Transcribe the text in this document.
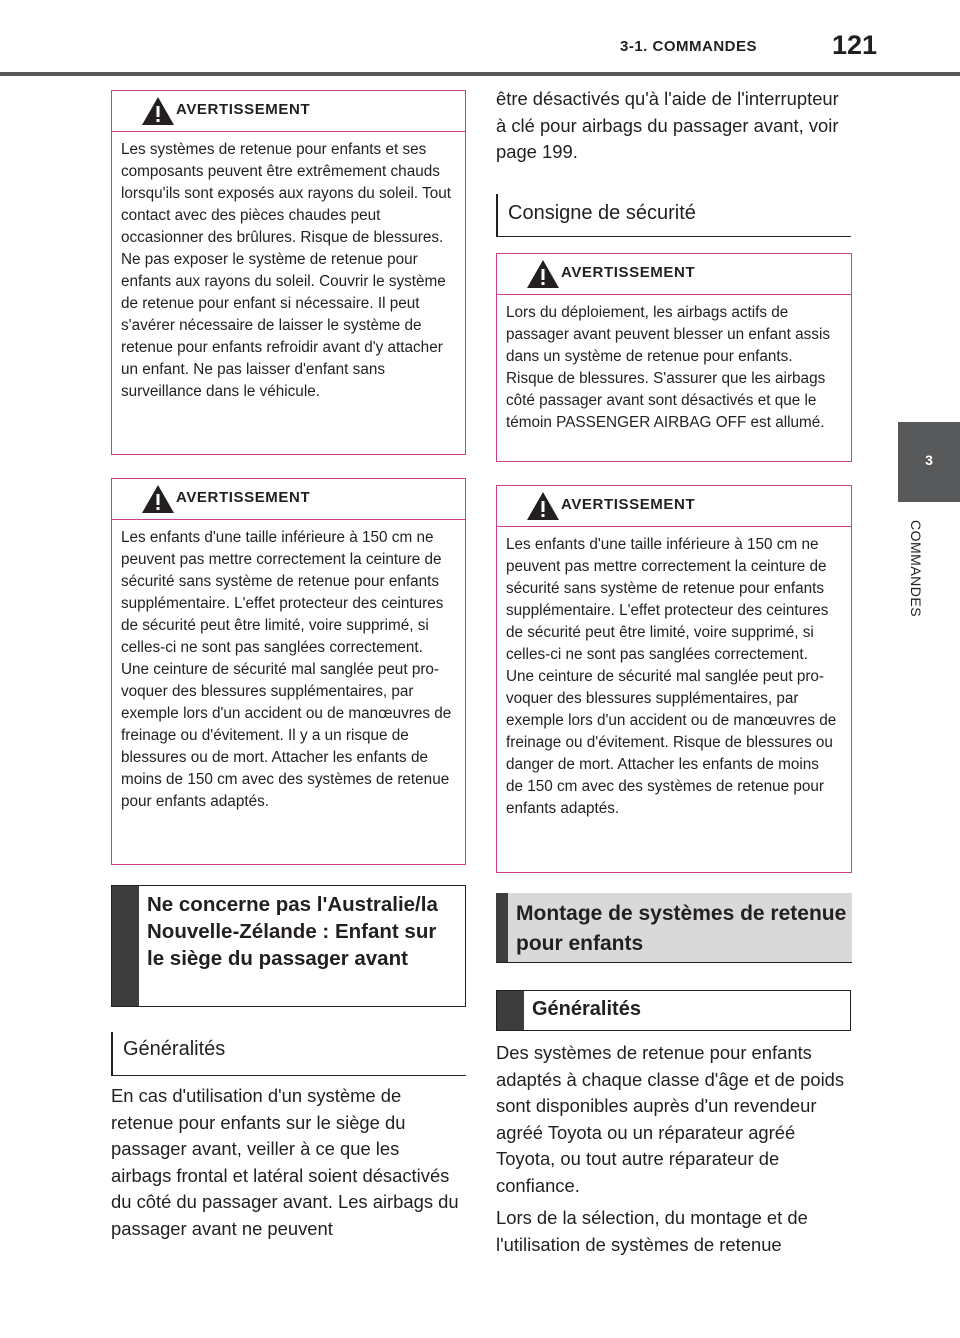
3-1. COMMANDES	121
3
COMMANDES
AVERTISSEMENT
Les systèmes de retenue pour enfants et ses composants peuvent être extrêmement chauds lorsqu'ils sont exposés aux rayons du soleil. Tout contact avec des pièces chaudes peut occasionner des brûlures. Risque de blessures. Ne pas exposer le système de retenue pour enfants aux rayons du soleil. Couvrir le système de retenue pour enfant si nécessaire. Il peut s'avérer nécessaire de laisser le système de retenue pour enfants refroidir avant d'y attacher un enfant. Ne pas laisser d'enfant sans surveillance dans le véhicule.
AVERTISSEMENT
Les enfants d'une taille inférieure à 150 cm ne peuvent pas mettre correctement la ceinture de sécurité sans système de retenue pour enfants supplémentaire. L'effet protecteur des ceintures de sécurité peut être limité, voire supprimé, si celles-ci ne sont pas sanglées correctement. Une ceinture de sécurité mal sanglée peut provoquer des blessures supplémentaires, par exemple lors d'un accident ou de manœuvres de freinage ou d'évitement. Il y a un risque de blessures ou de mort. Attacher les enfants de moins de 150 cm avec des systèmes de retenue pour enfants adaptés.
Ne concerne pas l'Australie/la Nouvelle-Zélande : Enfant sur le siège du passager avant
Généralités

En cas d'utilisation d'un système de retenue pour enfants sur le siège du passager avant, veiller à ce que les airbags frontal et latéral soient désactivés du côté du passager avant. Les airbags du passager avant ne peuvent

être désactivés qu'à l'aide de l'interrupteur à clé pour airbags du passager avant, voir page 199.

Consigne de sécurité
AVERTISSEMENT
Lors du déploiement, les airbags actifs de passager avant peuvent blesser un enfant assis dans un système de retenue pour enfants. Risque de blessures. S'assurer que les airbags côté passager avant sont désactivés et que le témoin PASSENGER AIRBAG OFF est allumé.
AVERTISSEMENT
Les enfants d'une taille inférieure à 150 cm ne peuvent pas mettre correctement la ceinture de sécurité sans système de retenue pour enfants supplémentaire. L'effet protecteur des ceintures de sécurité peut être limité, voire supprimé, si celles-ci ne sont pas sanglées correctement. Une ceinture de sécurité mal sanglée peut provoquer des blessures supplémentaires, par exemple lors d'un accident ou de manœuvres de freinage ou d'évitement. Risque de blessures ou danger de mort. Attacher les enfants de moins de 150 cm avec des systèmes de retenue pour enfants adaptés.
Montage de systèmes de retenue pour enfants
Généralités

Des systèmes de retenue pour enfants adaptés à chaque classe d'âge et de poids sont disponibles auprès d'un revendeur agréé Toyota ou un réparateur agréé Toyota, ou tout autre réparateur de confiance.

Lors de la sélection, du montage et de l'utilisation de systèmes de retenue
